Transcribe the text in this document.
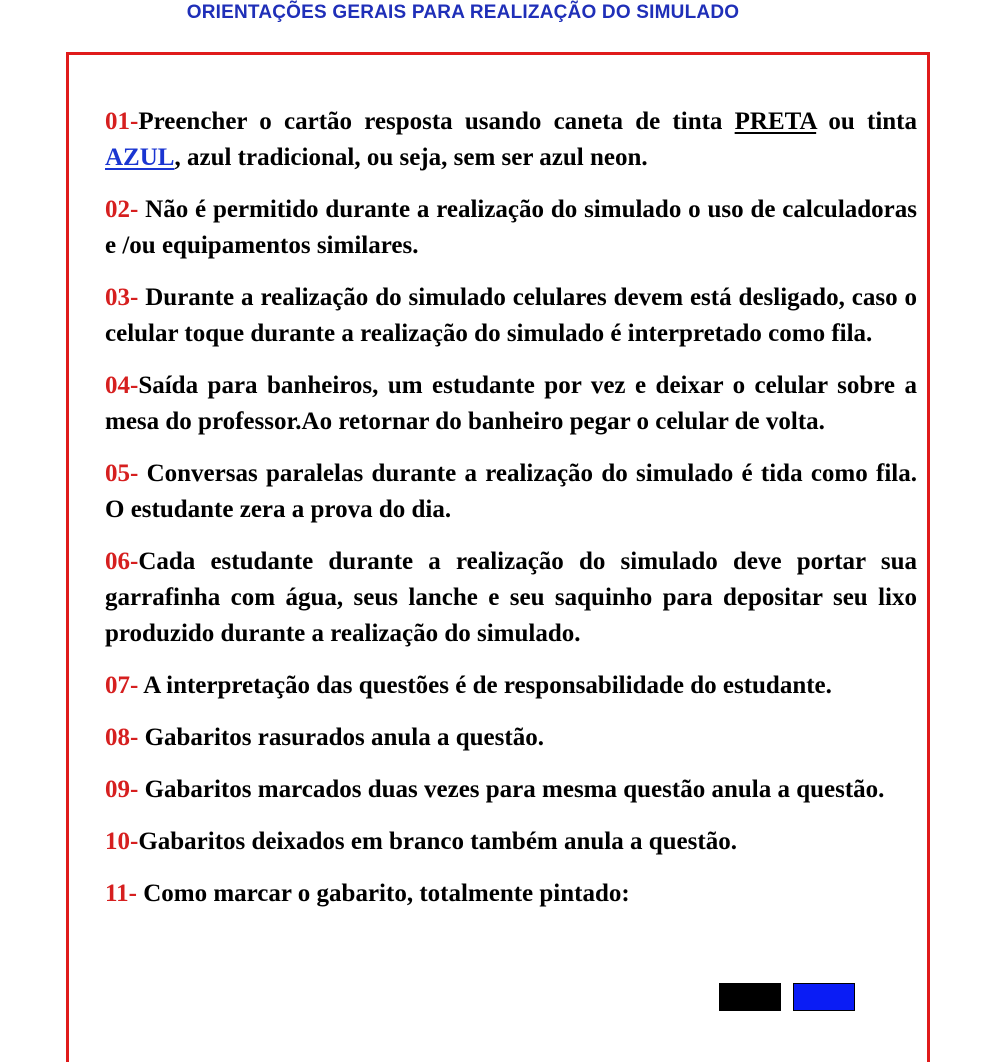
ORIENTAÇÕES GERAIS PARA REALIZAÇÃO DO SIMULADO

01-Preencher o cartão resposta usando caneta de tinta PRETA ou tinta AZUL, azul tradicional, ou seja, sem ser azul neon.

02- Não é permitido durante a realização do simulado o uso de calculadoras e /ou equipamentos similares.

03- Durante a realização do simulado celulares devem está desligado, caso o celular toque durante a realização do simulado é interpretado como fila.

04-Saída para banheiros, um estudante por vez e deixar o celular sobre a mesa do professor.Ao retornar do banheiro pegar o celular de volta.

05- Conversas paralelas durante a realização do simulado é tida como fila. O estudante zera a prova do dia.

06-Cada estudante durante a realização do simulado deve portar sua garrafinha com água, seus lanche e seu saquinho para depositar seu lixo produzido durante a realização do simulado.

07- A interpretação das questões é de responsabilidade do estudante.

08- Gabaritos rasurados anula a questão.

09- Gabaritos marcados duas vezes para mesma questão anula a questão.

10-Gabaritos deixados em branco também anula a questão.

11- Como marcar o gabarito, totalmente pintado:
